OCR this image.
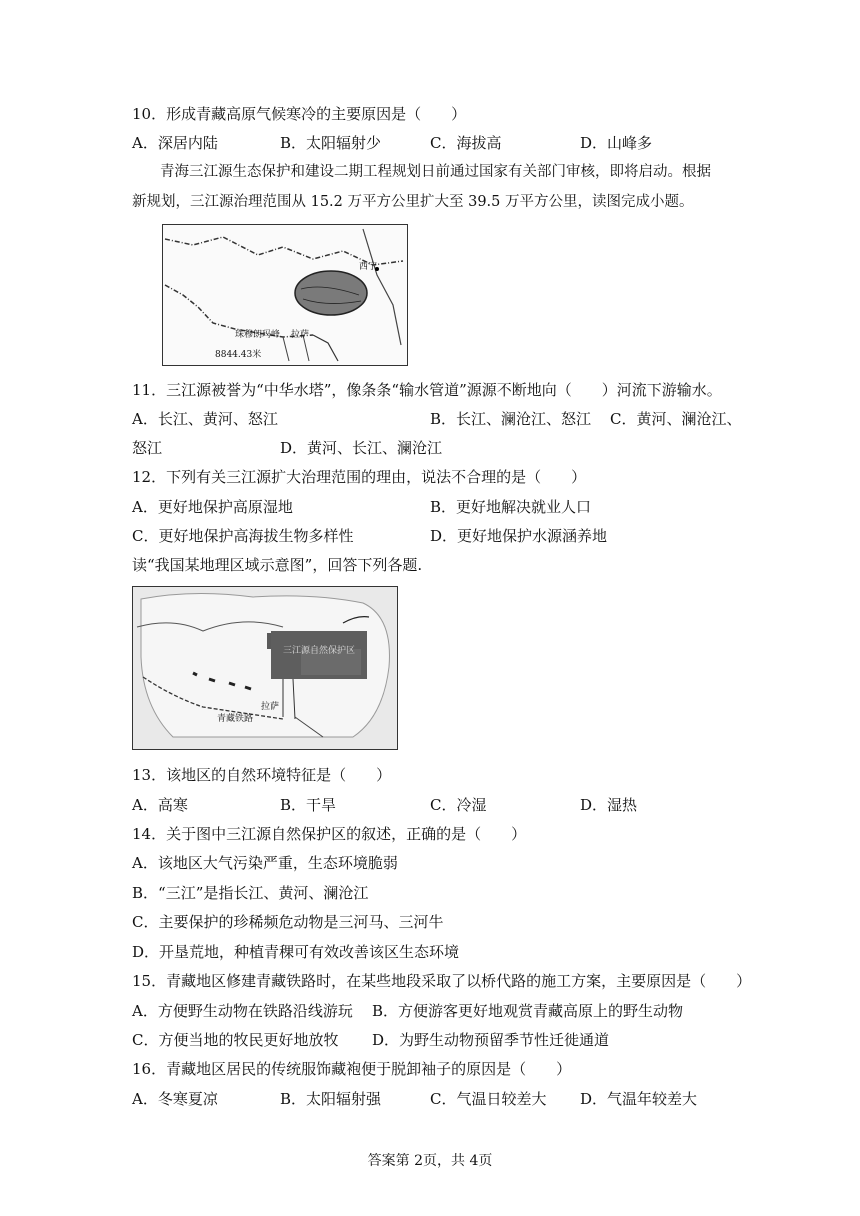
10．形成青藏高原气候寒冷的主要原因是（　　）
A．深居内陆	B．太阳辐射少	C．海拔高	D．山峰多
青海三江源生态保护和建设二期工程规划日前通过国家有关部门审核，即将启动。根据
新规划，三江源治理范围从 15.2 万平方公里扩大至 39.5 万平方公里，读图完成小题。
西宁
珠穆朗玛峰 拉萨
8844.43米
11．三江源被誉为“中华水塔”，像条条“输水管道”源源不断地向（　　）河流下游输水。
A．长江、黄河、怒江	B．长江、澜沧江、怒江 C．黄河、澜沧江、
怒江	D．黄河、长江、澜沧江
12．下列有关三江源扩大治理范围的理由，说法不合理的是（　　）
A．更好地保护高原湿地	B．更好地解决就业人口
C．更好地保护高海拔生物多样性	D．更好地保护水源涵养地
读“我国某地理区域示意图”，回答下列各题.
三江源自然保护区
拉萨
青藏铁路
13．该地区的自然环境特征是（　　）
A．高寒	B．干旱	C．冷湿	D．湿热
14．关于图中三江源自然保护区的叙述，正确的是（　　）
A．该地区大气污染严重，生态环境脆弱
B．“三江”是指长江、黄河、澜沧江
C．主要保护的珍稀频危动物是三河马、三河牛
D．开垦荒地，种植青稞可有效改善该区生态环境
15．青藏地区修建青藏铁路时，在某些地段采取了以桥代路的施工方案，主要原因是（　　）
A．方便野生动物在铁路沿线游玩 B．方便游客更好地观赏青藏高原上的野生动物
C．方便当地的牧民更好地放牧 D．为野生动物预留季节性迁徙通道
16．青藏地区居民的传统服饰藏袍便于脱卸袖子的原因是（　　）
A．冬寒夏凉	B．太阳辐射强	C．气温日较差大 D．气温年较差大
答案第 2页，共 4页
